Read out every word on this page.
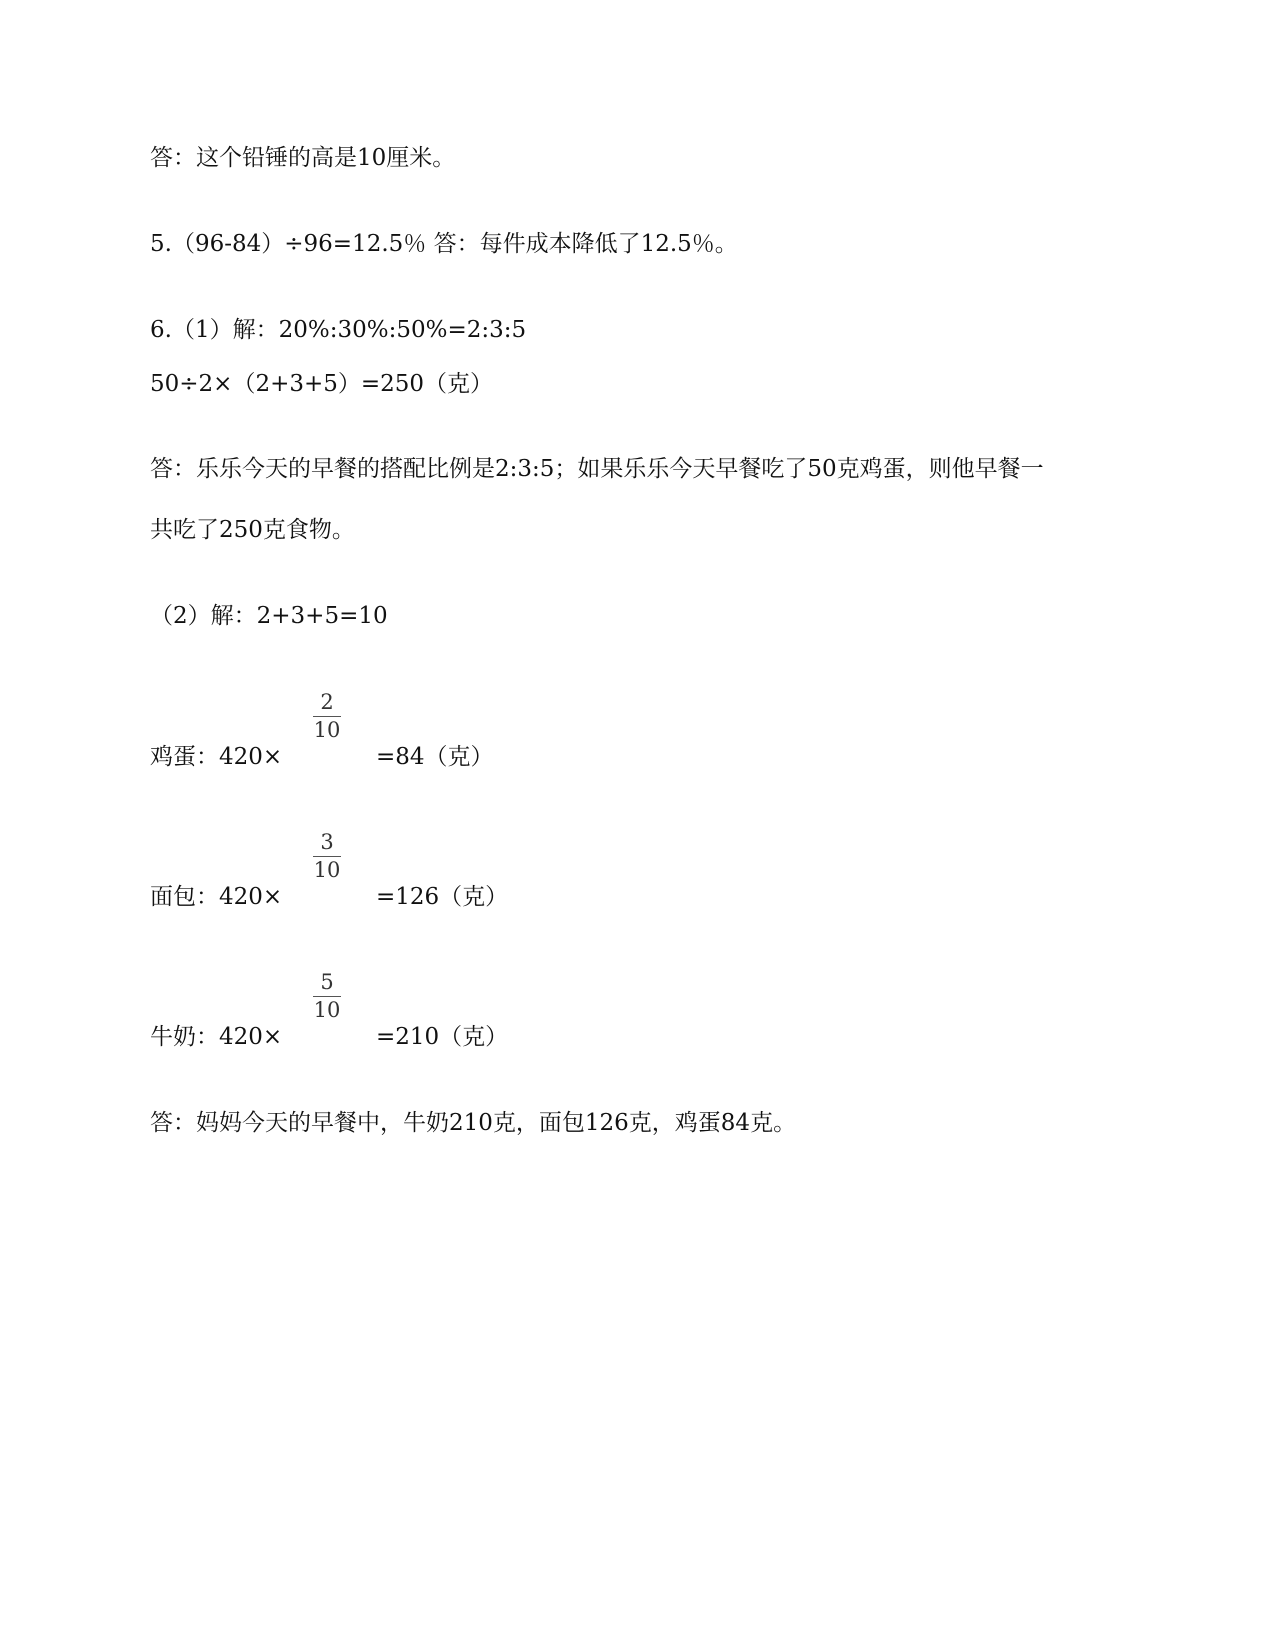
答：这个铅锤的高是10厘米。
5.（96-84）÷96=12.5％ 答：每件成本降低了12.5％。
6.（1）解：20%:30%:50%=2:3:5
50÷2×（2+3+5）=250（克）
答：乐乐今天的早餐的搭配比例是2:3:5；如果乐乐今天早餐吃了50克鸡蛋，则他早餐一
共吃了250克食物。
（2）解：2+3+5=10
鸡蛋：420×
2
10
=84（克）
面包：420×
3
10
=126（克）
牛奶：420×
5
10
=210（克）
答：妈妈今天的早餐中，牛奶210克，面包126克，鸡蛋84克。
